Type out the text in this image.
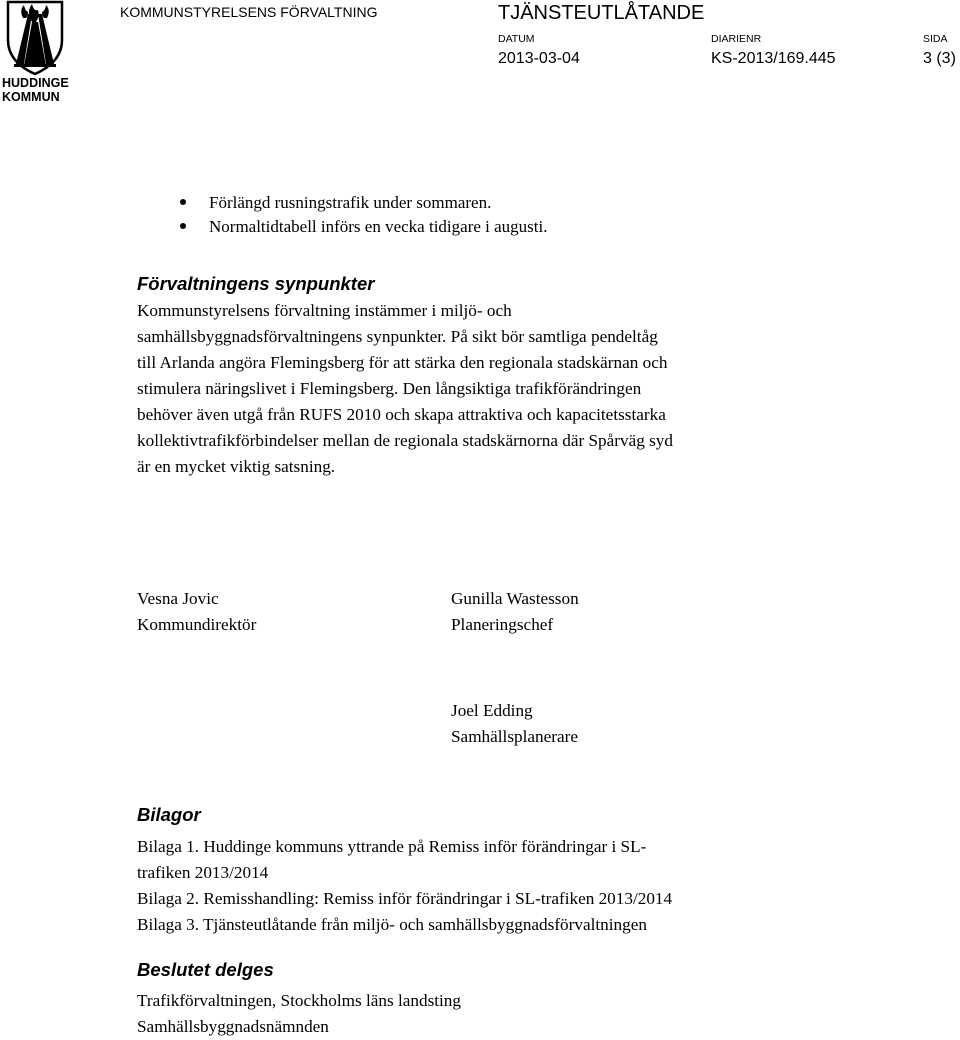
HUDDINGE
KOMMUN
KOMMUNSTYRELSENS FÖRVALTNING	TJÄNSTEUTLÅTANDE
DATUM	DIARIENR	SIDA
2013-03-04	KS-2013/169.445	3 (3)
Förlängd rusningstrafik under sommaren.
Normaltidtabell införs en vecka tidigare i augusti.
Förvaltningens synpunkter
Kommunstyrelsens förvaltning instämmer i miljö- och
samhällsbyggnadsförvaltningens synpunkter. På sikt bör samtliga pendeltåg
till Arlanda angöra Flemingsberg för att stärka den regionala stadskärnan och
stimulera näringslivet i Flemingsberg. Den långsiktiga trafikförändringen
behöver även utgå från RUFS 2010 och skapa attraktiva och kapacitetsstarka
kollektivtrafikförbindelser mellan de regionala stadskärnorna där Spårväg syd
är en mycket viktig satsning.
Vesna Jovic
Kommundirektör
Gunilla Wastesson
Planeringschef
Joel Edding
Samhällsplanerare
Bilagor
Bilaga 1. Huddinge kommuns yttrande på Remiss inför förändringar i SL-
trafiken 2013/2014
Bilaga 2. Remisshandling: Remiss inför förändringar i SL-trafiken 2013/2014
Bilaga 3. Tjänsteutlåtande från miljö- och samhällsbyggnadsförvaltningen
Beslutet delges
Trafikförvaltningen, Stockholms läns landsting
Samhällsbyggnadsnämnden
